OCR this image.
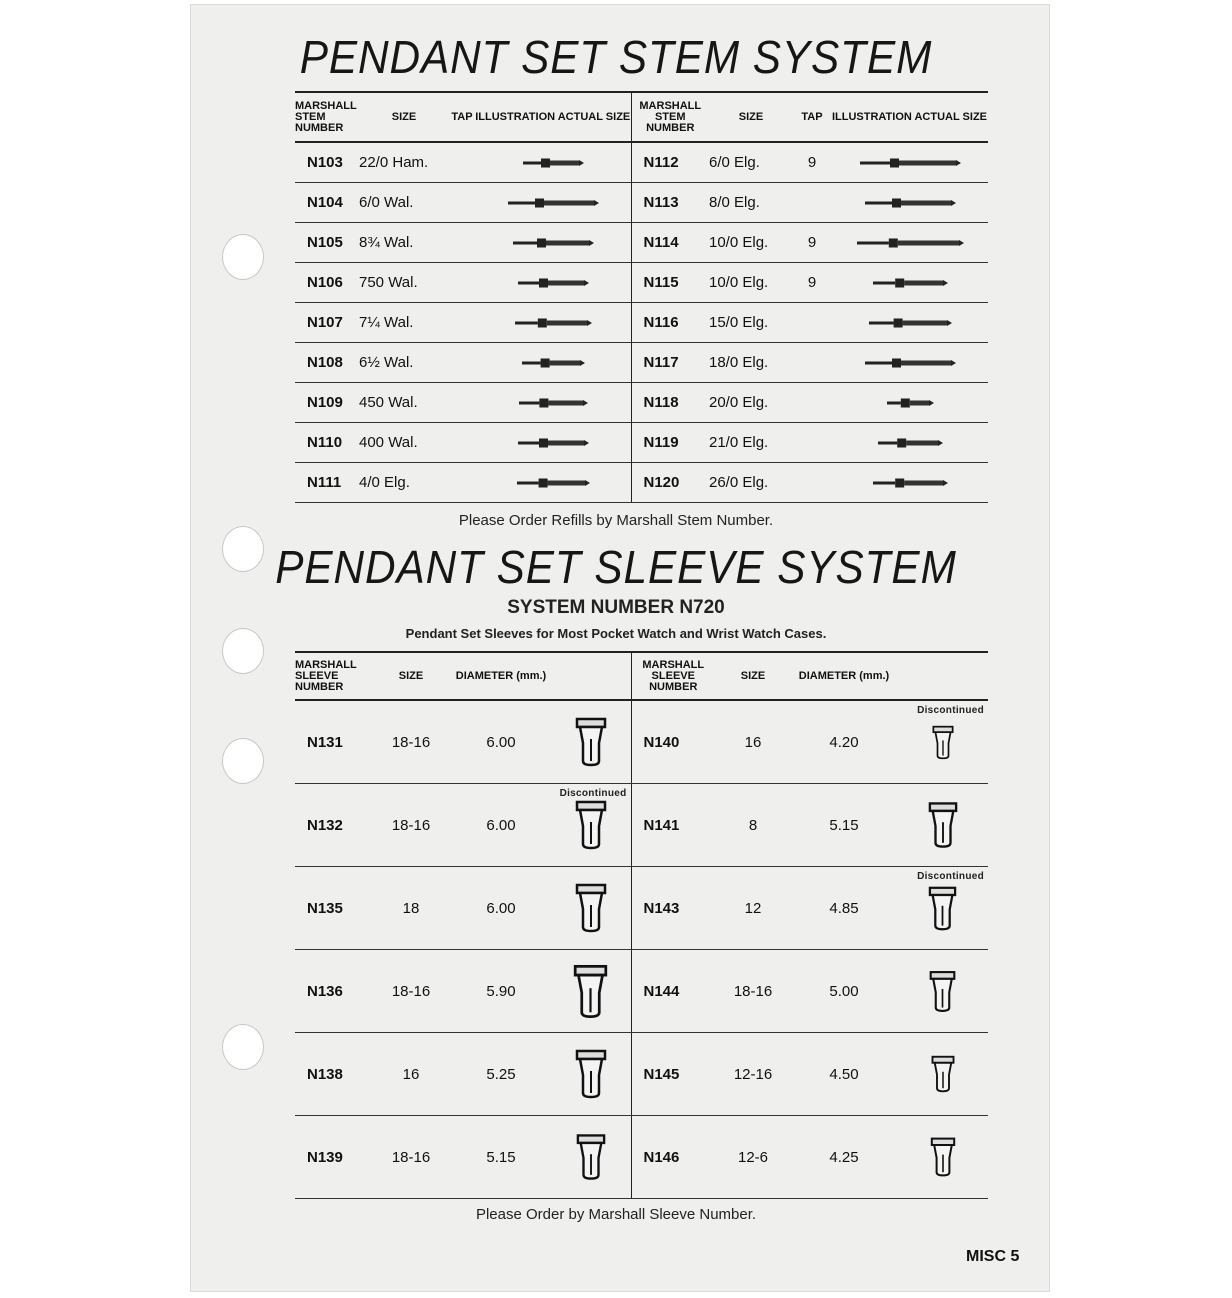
PENDANT SET STEM SYSTEM
MARSHALL STEM NUMBER	SIZE	TAP	ILLUSTRATION ACTUAL SIZE	MARSHALL STEM NUMBER	SIZE	TAP	ILLUSTRATION ACTUAL SIZE
N103	22/0 Ham.			N112	6/0 Elg.	9	
N104	6/0 Wal.			N113	8/0 Elg.		
N105	8¾ Wal.			N114	10/0 Elg.	9	
N106	750 Wal.			N115	10/0 Elg.	9	
N107	7¼ Wal.			N116	15/0 Elg.		
N108	6½ Wal.			N117	18/0 Elg.		
N109	450 Wal.			N118	20/0 Elg.		
N110	400 Wal.			N119	21/0 Elg.		
N111	4/0 Elg.			N120	26/0 Elg.		
Please Order Refills by Marshall Stem Number.
PENDANT SET SLEEVE SYSTEM
SYSTEM NUMBER N720
Pendant Set Sleeves for Most Pocket Watch and Wrist Watch Cases.
MARSHALL SLEEVE NUMBER	SIZE	DIAMETER (mm.)		MARSHALL SLEEVE NUMBER	SIZE	DIAMETER (mm.)	
N131	18-16	6.00		N140	16	4.20	Discontinued

N132	18-16	6.00	Discontinued	N141	8	5.15	

N135	18	6.00		N143	12	4.85	Discontinued

N136	18-16	5.90		N144	18-16	5.00	

N138	16	5.25		N145	12-16	4.50	

N139	18-16	5.15		N146	12-6	4.25	
Please Order by Marshall Sleeve Number.
MISC 5
